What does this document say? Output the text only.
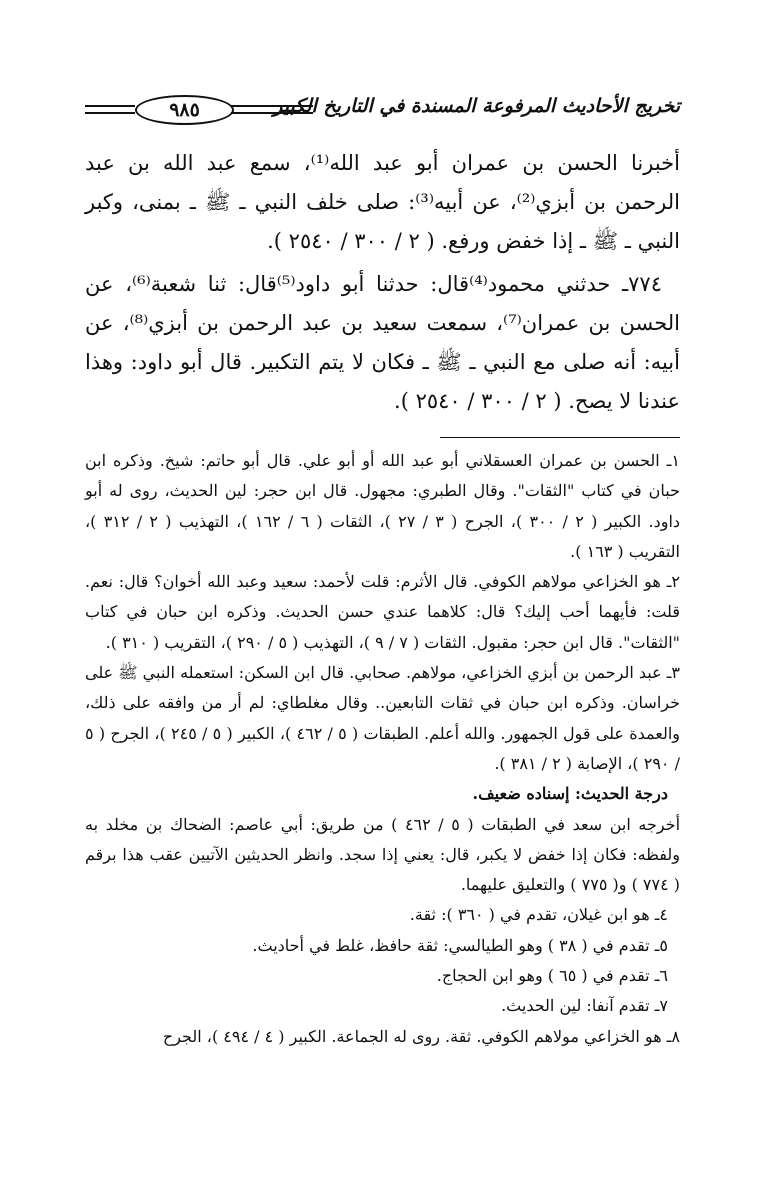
٩٨٥	تخريج الأحاديث المرفوعة المسندة في التاريخ الكبير

أخبرنا الحسن بن عمران أبو عبد الله⁽¹⁾، سمع عبد الله بن عبد الرحمن بن أبزي⁽²⁾، عن أبيه⁽³⁾: صلى خلف النبي ـ ﷺ ـ بمنى، وكبر النبي ـ ﷺ ـ إذا خفض ورفع. ( ٢ / ٣٠٠ / ٢٥٤٠ ).

٧٧٤ـ حدثني محمود⁽⁴⁾قال: حدثنا أبو داود⁽⁵⁾قال: ثنا شعبة⁽⁶⁾، عن الحسن بن عمران⁽⁷⁾، سمعت سعيد بن عبد الرحمن بن أبزي⁽⁸⁾، عن أبيه: أنه صلى مع النبي ـ ﷺ ـ فكان لا يتم التكبير. قال أبو داود: وهذا عندنا لا يصح. ( ٢ / ٣٠٠ / ٢٥٤٠ ).

١ـ الحسن بن عمران العسقلاني أبو عبد الله أو أبو علي. قال أبو حاتم: شيخ. وذكره ابن حبان في كتاب "الثقات". وقال الطبري: مجهول. قال ابن حجر: لين الحديث، روى له أبو داود. الكبير ( ٢ / ٣٠٠ )، الجرح ( ٣ / ٢٧ )، الثقات ( ٦ / ١٦٢ )، التهذيب ( ٢ / ٣١٢ )، التقريب ( ١٦٣ ).

٢ـ هو الخزاعي مولاهم الكوفي. قال الأثرم: قلت لأحمد: سعيد وعبد الله أخوان؟ قال: نعم. قلت: فأيهما أحب إليك؟ قال: كلاهما عندي حسن الحديث. وذكره ابن حبان في كتاب "الثقات". قال ابن حجر: مقبول. الثقات ( ٧ / ٩ )، التهذيب ( ٥ / ٢٩٠ )، التقريب ( ٣١٠ ).

٣ـ عبد الرحمن بن أبزي الخزاعي، مولاهم. صحابي. قال ابن السكن: استعمله النبي ﷺ على خراسان. وذكره ابن حبان في ثقات التابعين.. وقال مغلطاي: لم أر من وافقه على ذلك، والعمدة على قول الجمهور. والله أعلم. الطبقات ( ٥ / ٤٦٢ )، الكبير ( ٥ / ٢٤٥ )، الجرح ( ٥ / ٢٩٠ )، الإصابة ( ٢ / ٣٨١ ).

درجة الحديث: إسناده ضعيف.

أخرجه ابن سعد في الطبقات ( ٥ / ٤٦٢ ) من طريق: أبي عاصم: الضحاك بن مخلد به ولفظه: فكان إذا خفض لا يكبر، قال: يعني إذا سجد. وانظر الحديثين الآتيين عقب هذا برقم ( ٧٧٤ ) و( ٧٧٥ ) والتعليق عليهما.

٤ـ هو ابن غيلان، تقدم في ( ٣٦٠ ): ثقة.

٥ـ تقدم في ( ٣٨ ) وهو الطيالسي: ثقة حافظ، غلط في أحاديث.

٦ـ تقدم في ( ٦٥ ) وهو ابن الحجاج.

٧ـ تقدم آنفا: لين الحديث.

٨ـ هو الخزاعي مولاهم الكوفي. ثقة. روى له الجماعة. الكبير ( ٤ / ٤٩٤ )، الجرح
